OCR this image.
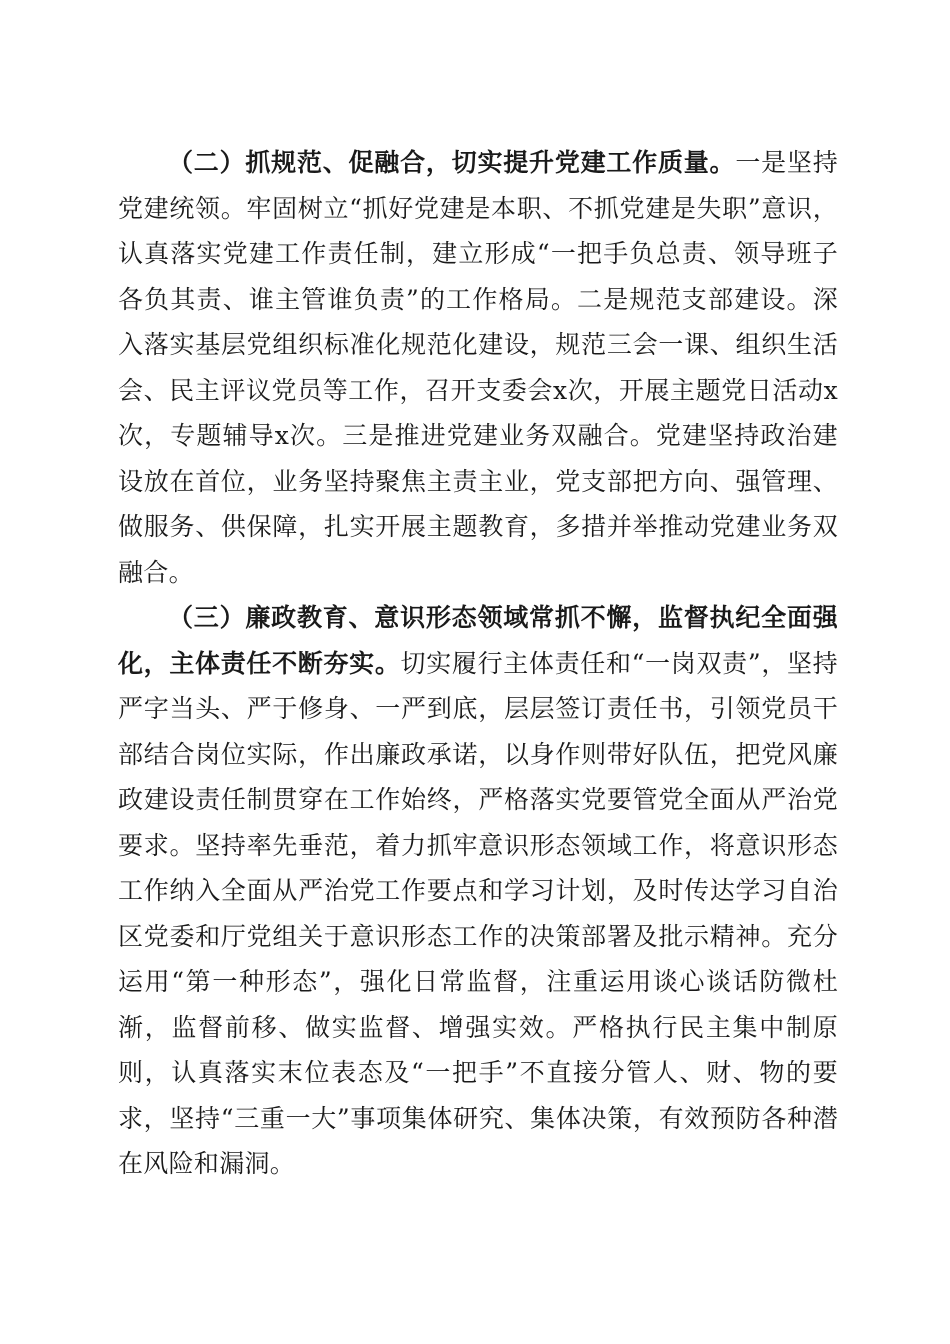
（二）抓规范、促融合，切实提升党建工作质量。一是坚持党建统领。牢固树立“抓好党建是本职、不抓党建是失职”意识，认真落实党建工作责任制，建立形成“一把手负总责、领导班子各负其责、谁主管谁负责”的工作格局。二是规范支部建设。深入落实基层党组织标准化规范化建设，规范三会一课、组织生活会、民主评议党员等工作，召开支委会x次，开展主题党日活动x次，专题辅导x次。三是推进党建业务双融合。党建坚持政治建设放在首位，业务坚持聚焦主责主业，党支部把方向、强管理、做服务、供保障，扎实开展主题教育，多措并举推动党建业务双融合。

（三）廉政教育、意识形态领域常抓不懈，监督执纪全面强化，主体责任不断夯实。切实履行主体责任和“一岗双责”，坚持严字当头、严于修身、一严到底，层层签订责任书，引领党员干部结合岗位实际，作出廉政承诺，以身作则带好队伍，把党风廉政建设责任制贯穿在工作始终，严格落实党要管党全面从严治党要求。坚持率先垂范，着力抓牢意识形态领域工作，将意识形态工作纳入全面从严治党工作要点和学习计划，及时传达学习自治区党委和厅党组关于意识形态工作的决策部署及批示精神。充分运用“第一种形态”，强化日常监督，注重运用谈心谈话防微杜渐，监督前移、做实监督、增强实效。严格执行民主集中制原则，认真落实末位表态及“一把手”不直接分管人、财、物的要求，坚持“三重一大”事项集体研究、集体决策，有效预防各种潜在风险和漏洞。
